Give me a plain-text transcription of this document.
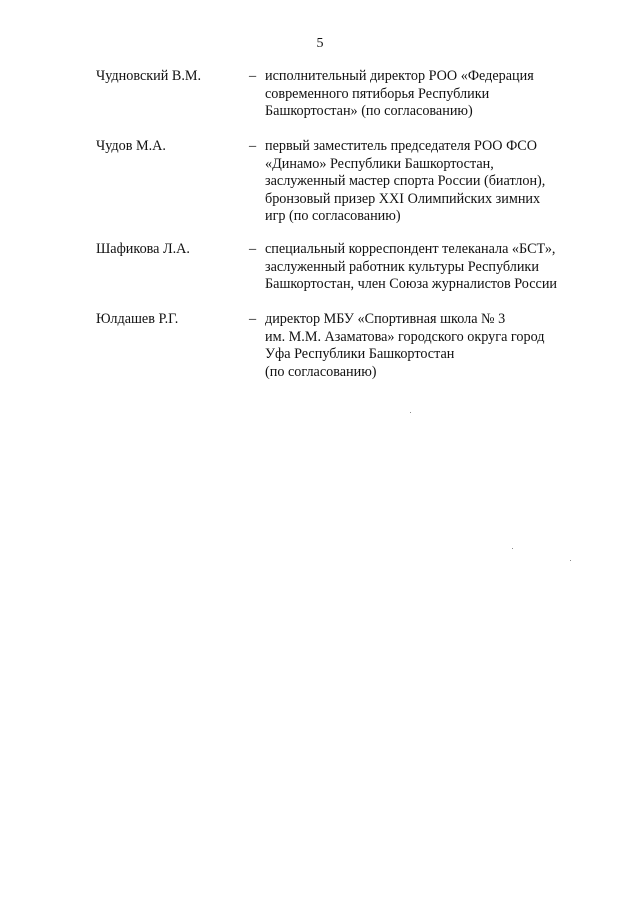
5
Чудновский В.М.	– исполнительный директор РОО «Федерация
современного пятиборья Республики
Башкортостан» (по согласованию)
Чудов М.А.	– первый заместитель председателя РОО ФСО
«Динамо» Республики Башкортостан,
заслуженный мастер спорта России (биатлон),
бронзовый призер XXI Олимпийских зимних
игр (по согласованию)
Шафикова Л.А.	– специальный корреспондент телеканала «БСТ»,
заслуженный работник культуры Республики
Башкортостан, член Союза журналистов России
Юлдашев Р.Г.	– директор МБУ «Спортивная школа № 3
им. М.М. Азаматова» городского округа город
Уфа Республики Башкортостан
(по согласованию)
